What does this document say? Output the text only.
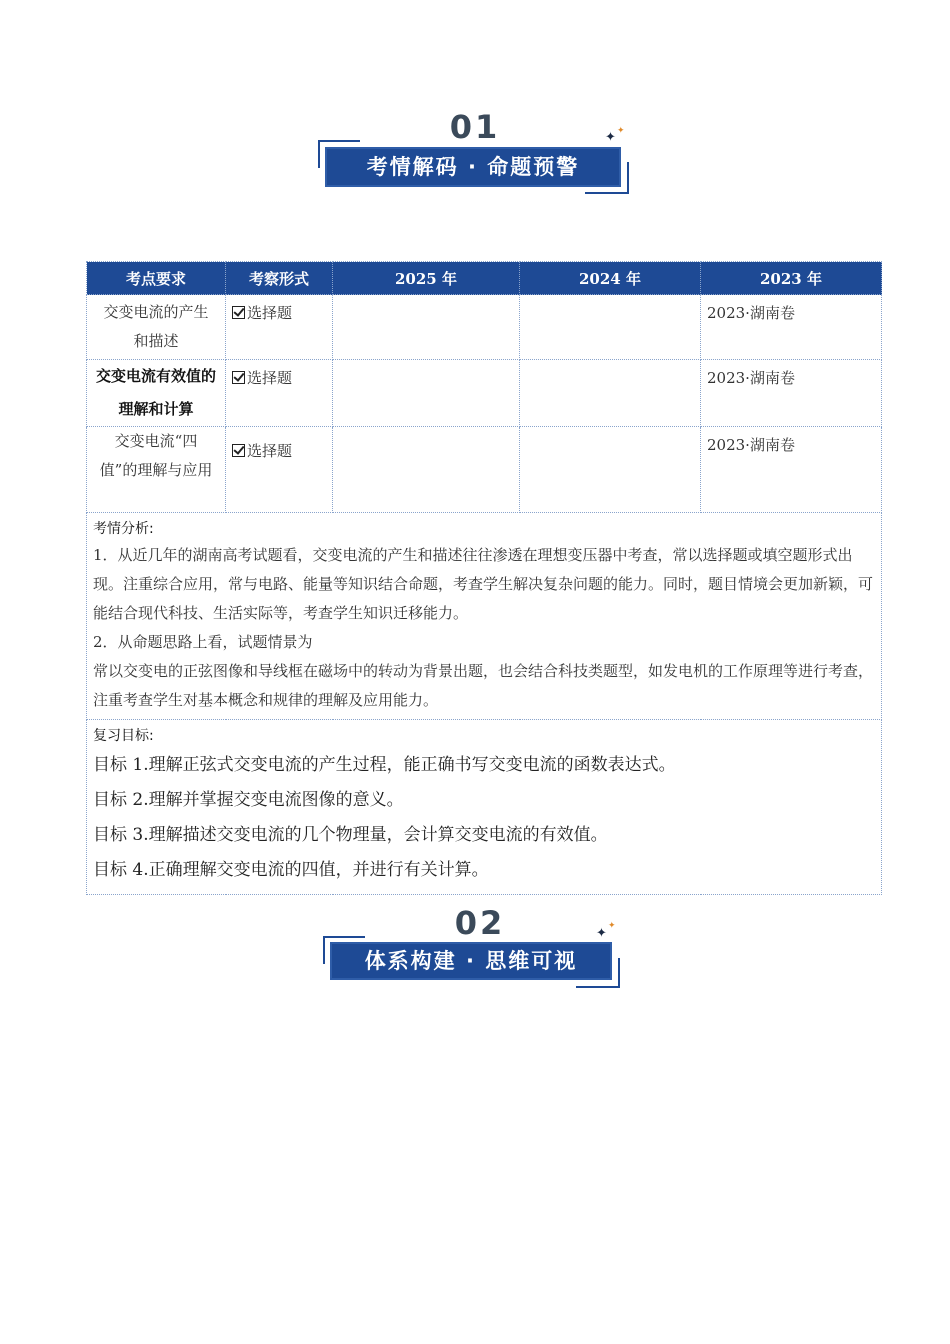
01
考情解码 · 命题预警
✦ ✦
考点要求	考察形式	2025 年	2024 年	2023 年
交变电流的产生和描述	选择题			2023·湖南卷
交变电流有效值的理解和计算	选择题			2023·湖南卷
交变电流“四值”的理解与应用	选择题			2023·湖南卷

考情分析:

1．从近几年的湖南高考试题看，交变电流的产生和描述往往渗透在理想变压器中考查，常以选择题或填空题形式出现。注重综合应用，常与电路、能量等知识结合命题，考查学生解决复杂问题的能力。同时，题目情境会更加新颖，可能结合现代科技、生活实际等，考查学生知识迁移能力。

2．从命题思路上看，试题情景为

常以交变电的正弦图像和导线框在磁场中的转动为背景出题，也会结合科技类题型，如发电机的工作原理等进行考查，注重考查学生对基本概念和规律的理解及应用能力。				

复习目标:

目标 1.理解正弦式交变电流的产生过程，能正确书写交变电流的函数表达式。

目标 2.理解并掌握交变电流图像的意义。

目标 3.理解描述交变电流的几个物理量，会计算交变电流的有效值。

目标 4.正确理解交变电流的四值，并进行有关计算。				

02
体系构建 · 思维可视
✦ ✦
